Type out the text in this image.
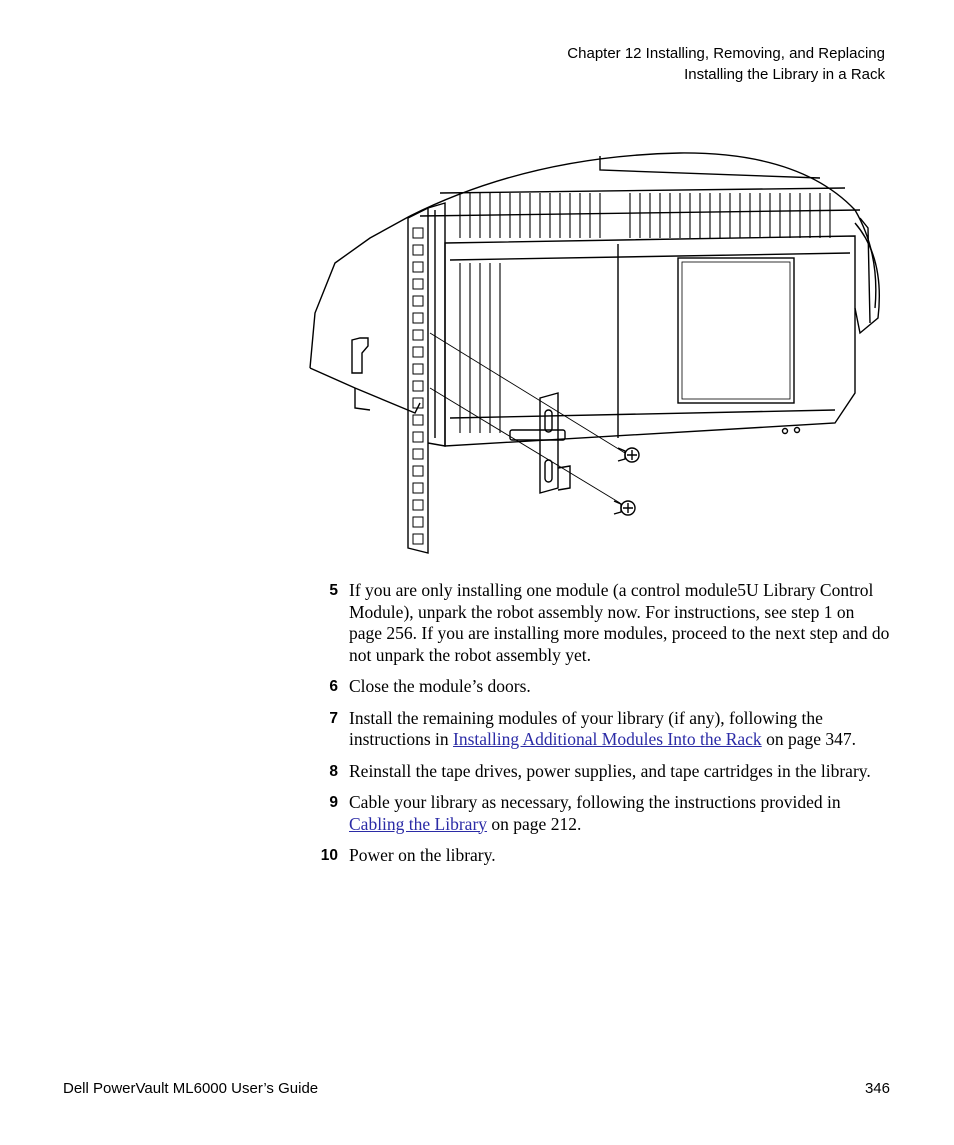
Chapter 12 Installing, Removing, and Replacing
Installing the Library in a Rack
5 If you are only installing one module (a control module5U Library Control Module), unpark the robot assembly now. For instructions, see step 1 on page 256. If you are installing more modules, proceed to the next step and do not unpark the robot assembly yet.
6 Close the module’s doors.
7 Install the remaining modules of your library (if any), following the instructions in Installing Additional Modules Into the Rack on page 347.
8 Reinstall the tape drives, power supplies, and tape cartridges in the library.
9 Cable your library as necessary, following the instructions provided in Cabling the Library on page 212.
10 Power on the library.
Dell PowerVault ML6000 User’s Guide	346
